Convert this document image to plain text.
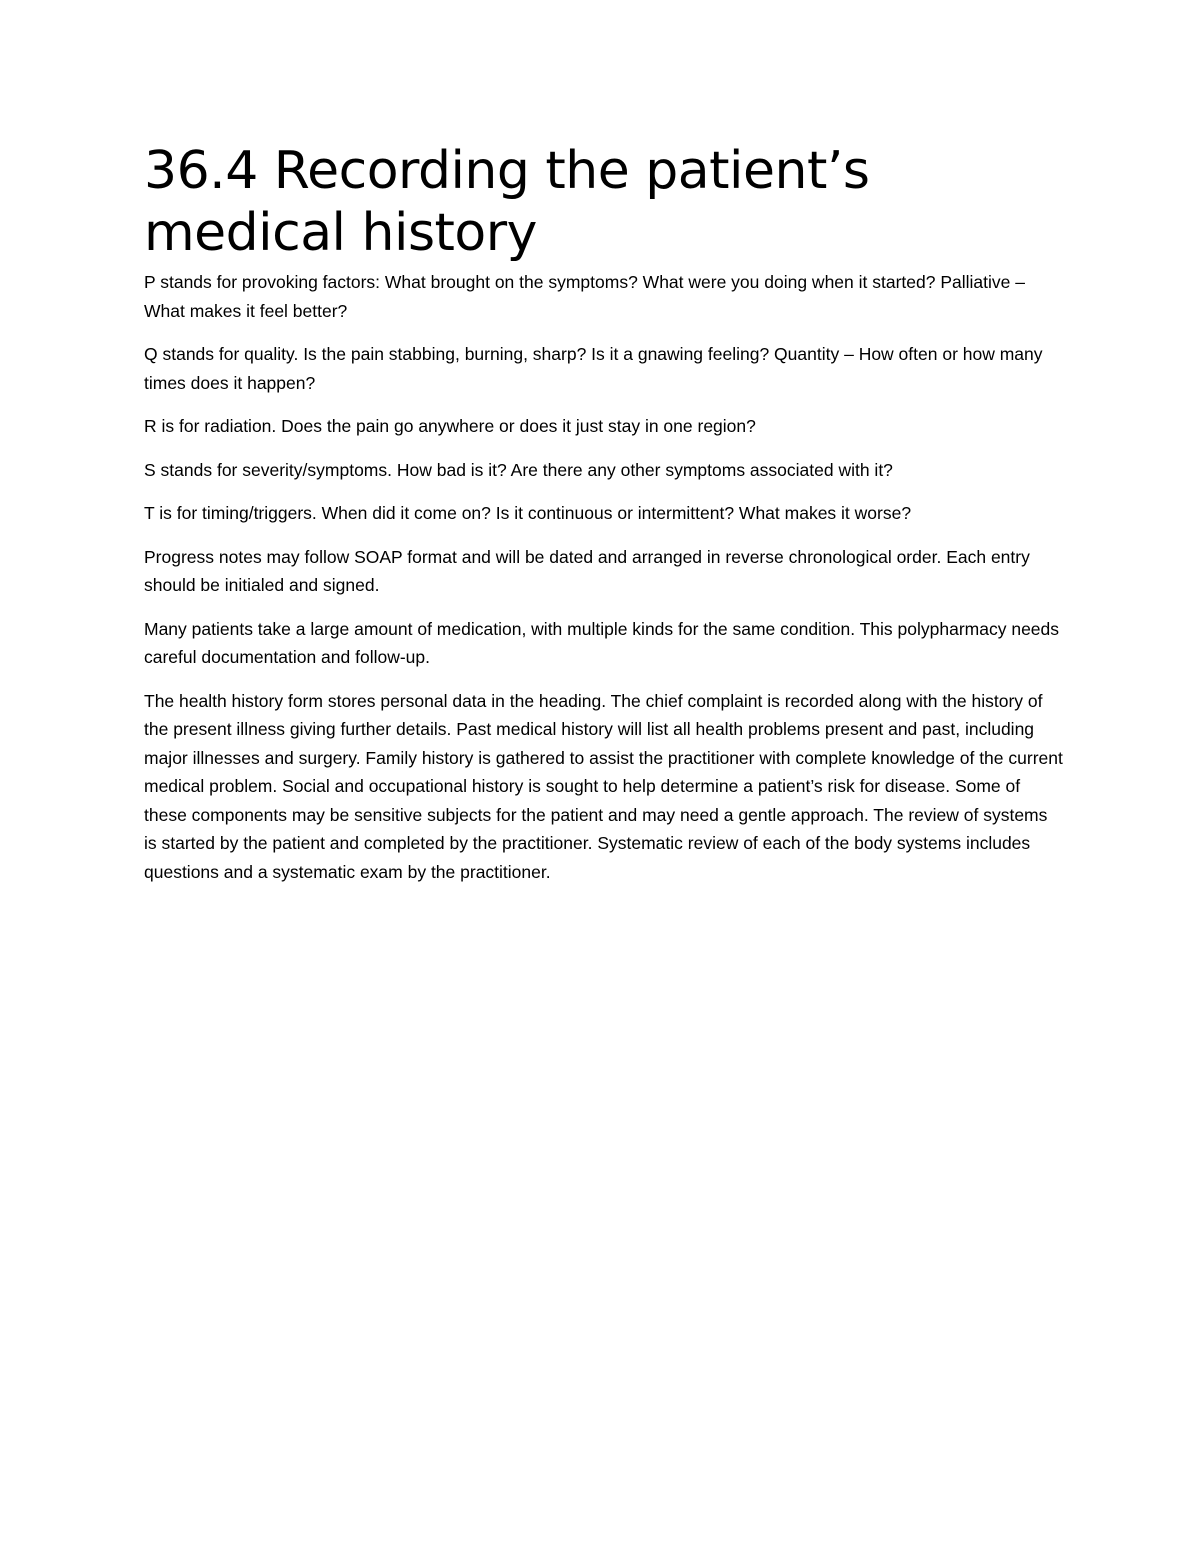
36.4 Recording the patient’s medical history

P stands for provoking factors: What brought on the symptoms? What were you doing when it started? Palliative – What makes it feel better?

Q stands for quality. Is the pain stabbing, burning, sharp? Is it a gnawing feeling? Quantity – How often or how many times does it happen?

R is for radiation. Does the pain go anywhere or does it just stay in one region?

S stands for severity/symptoms. How bad is it? Are there any other symptoms associated with it?

T is for timing/triggers. When did it come on? Is it continuous or intermittent? What makes it worse?

Progress notes may follow SOAP format and will be dated and arranged in reverse chronological order. Each entry should be initialed and signed.

Many patients take a large amount of medication, with multiple kinds for the same condition. This polypharmacy needs careful documentation and follow-up.

The health history form stores personal data in the heading. The chief complaint is recorded along with the history of the present illness giving further details. Past medical history will list all health problems present and past, including major illnesses and surgery. Family history is gathered to assist the practitioner with complete knowledge of the current medical problem. Social and occupational history is sought to help determine a patient’s risk for disease. Some of these components may be sensitive subjects for the patient and may need a gentle approach. The review of systems is started by the patient and completed by the practitioner. Systematic review of each of the body systems includes questions and a systematic exam by the practitioner.
